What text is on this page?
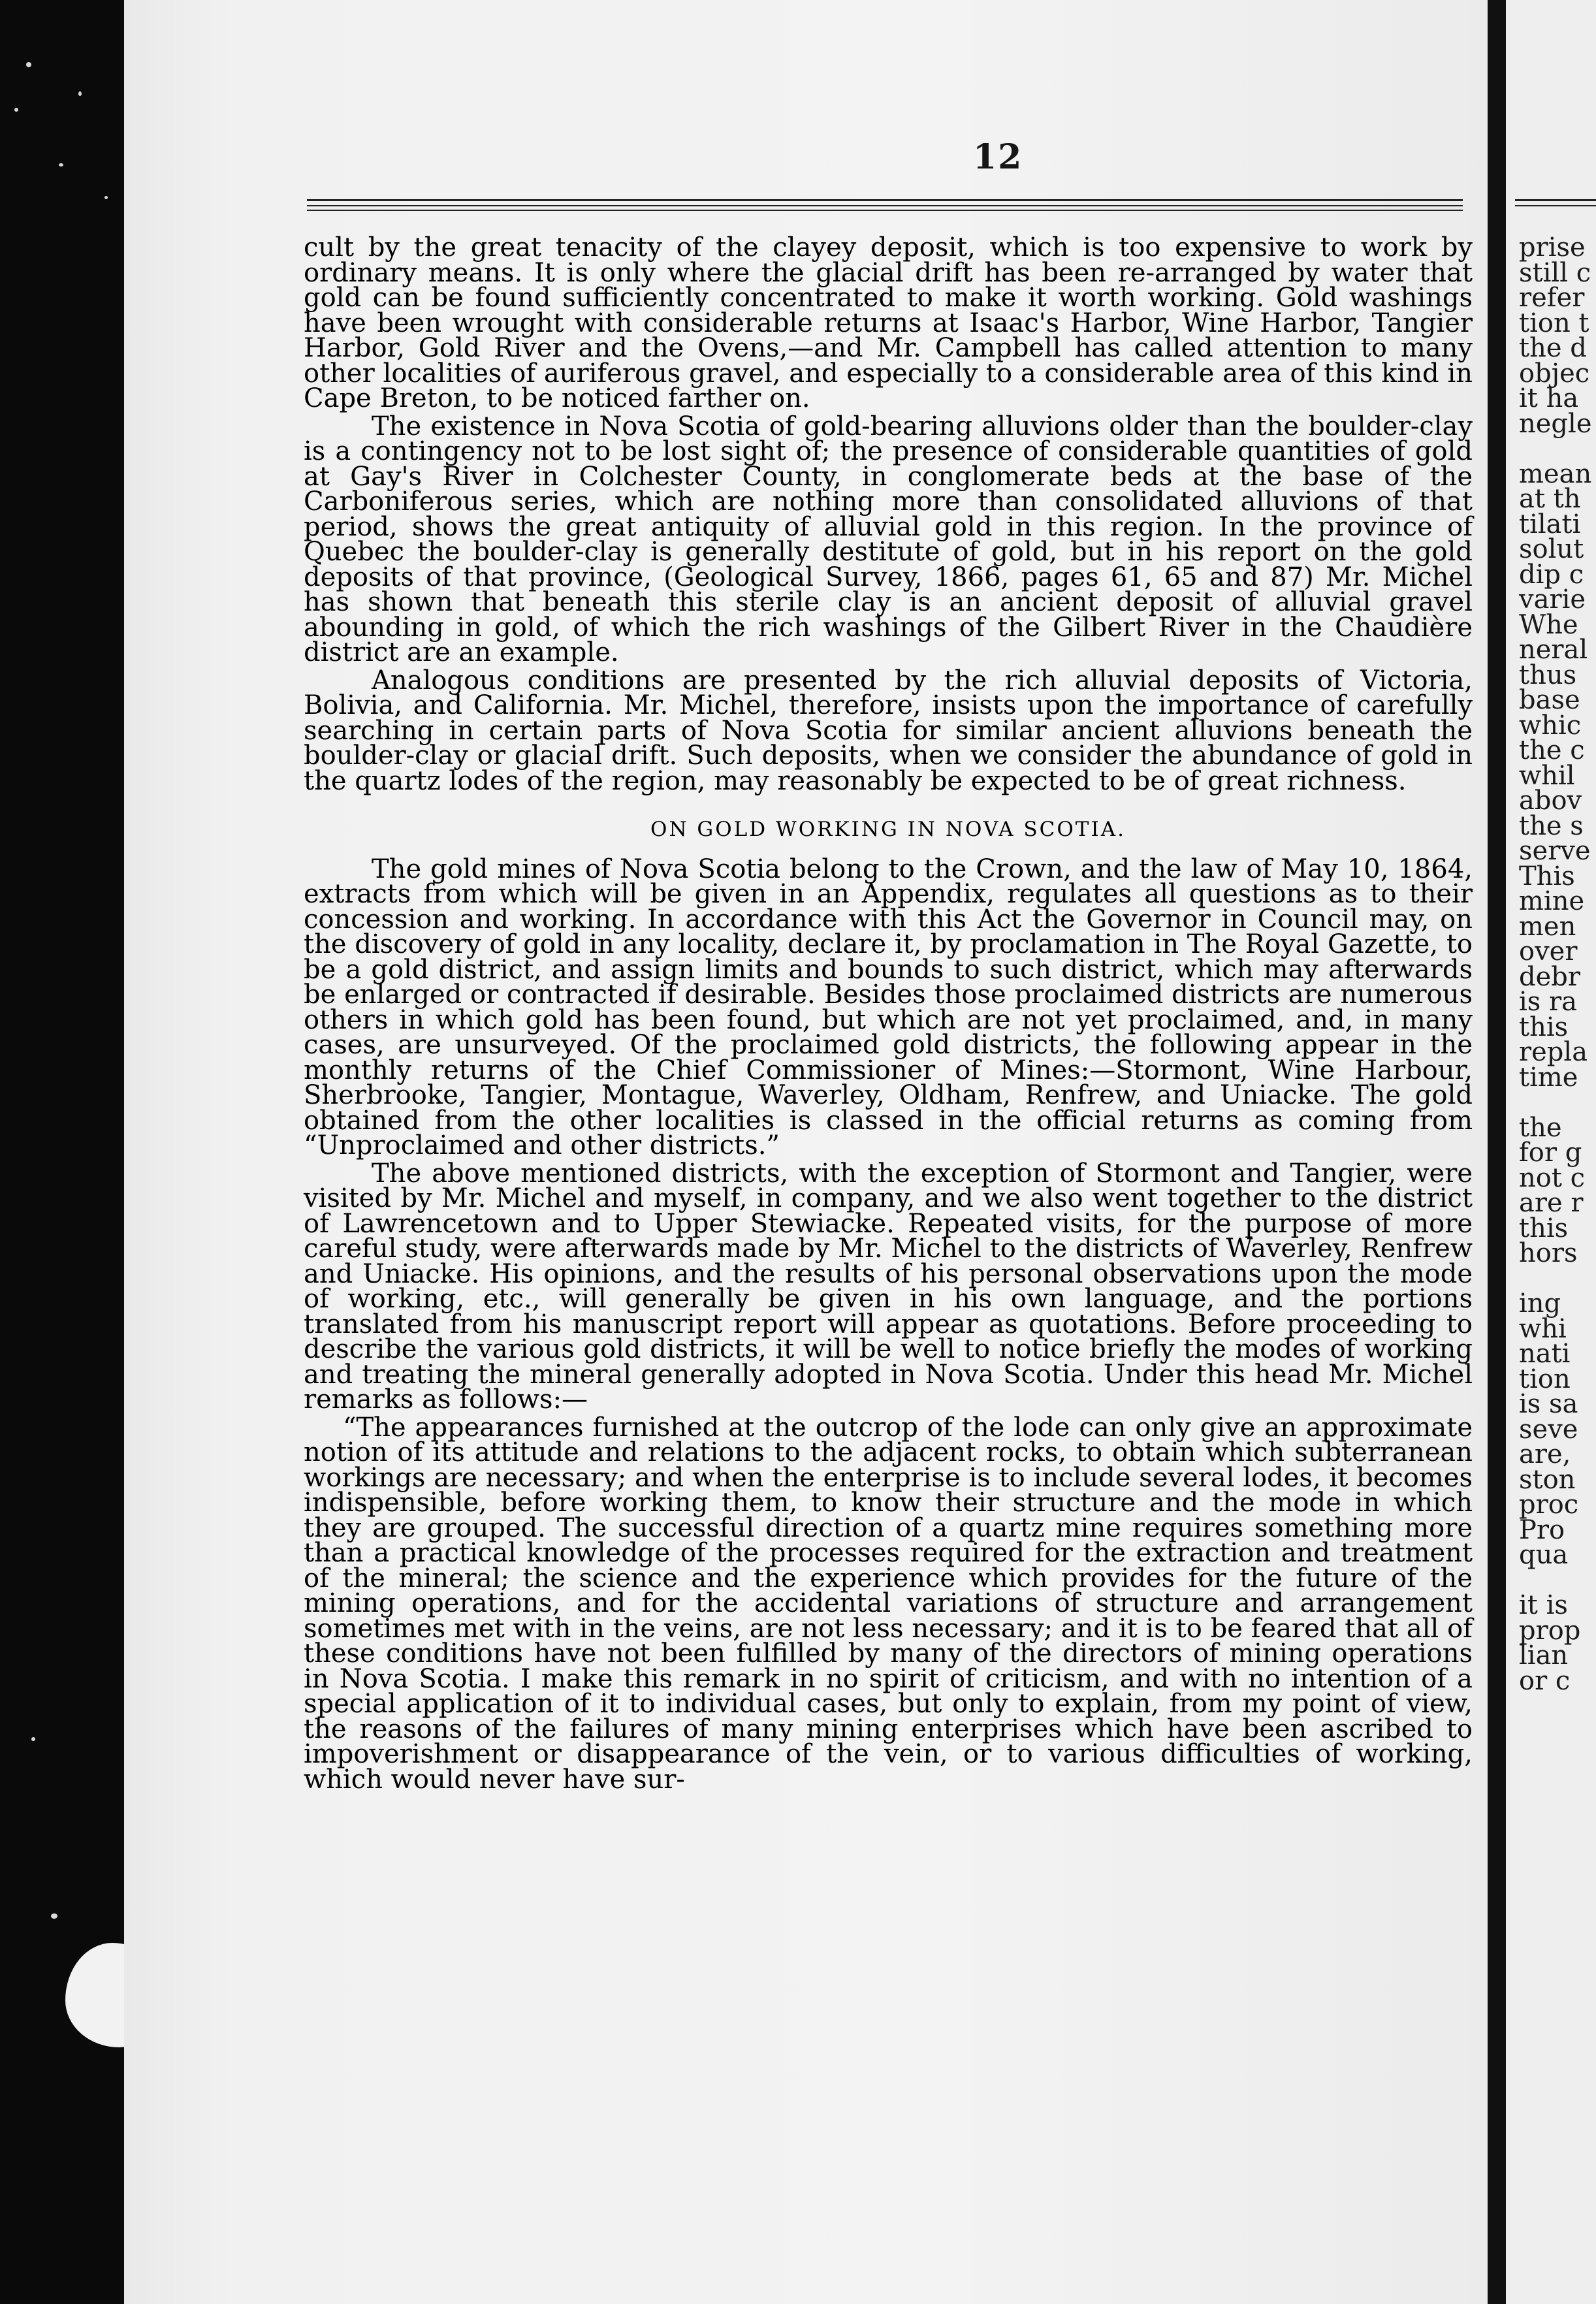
12

cult by the great tenacity of the clayey deposit, which is too expensive to work by ordinary means. It is only where the glacial drift has been re-arranged by water that gold can be found sufficiently concentrated to make it worth working. Gold washings have been wrought with considerable returns at Isaac's Harbor, Wine Harbor, Tangier Harbor, Gold River and the Ovens,—and Mr. Campbell has called attention to many other localities of auriferous gravel, and especially to a considerable area of this kind in Cape Breton, to be noticed farther on.

The existence in Nova Scotia of gold-bearing alluvions older than the boulder-clay is a contingency not to be lost sight of; the presence of considerable quantities of gold at Gay's River in Colchester County, in conglomerate beds at the base of the Carboniferous series, which are nothing more than consolidated alluvions of that period, shows the great antiquity of alluvial gold in this region. In the province of Quebec the boulder-clay is generally destitute of gold, but in his report on the gold deposits of that province, (Geological Survey, 1866, pages 61, 65 and 87) Mr. Michel has shown that beneath this sterile clay is an ancient deposit of alluvial gravel abounding in gold, of which the rich washings of the Gilbert River in the Chaudière district are an example.

Analogous conditions are presented by the rich alluvial deposits of Victoria, Bolivia, and California. Mr. Michel, therefore, insists upon the importance of carefully searching in certain parts of Nova Scotia for similar ancient alluvions beneath the boulder-clay or glacial drift. Such deposits, when we consider the abundance of gold in the quartz lodes of the region, may reasonably be expected to be of great richness.

ON GOLD WORKING IN NOVA SCOTIA.

The gold mines of Nova Scotia belong to the Crown, and the law of May 10, 1864, extracts from which will be given in an Appendix, regulates all questions as to their concession and working. In accordance with this Act the Governor in Council may, on the discovery of gold in any locality, declare it, by proclamation in The Royal Gazette, to be a gold district, and assign limits and bounds to such district, which may afterwards be enlarged or contracted if desirable. Besides those proclaimed districts are numerous others in which gold has been found, but which are not yet proclaimed, and, in many cases, are unsurveyed. Of the proclaimed gold districts, the following appear in the monthly returns of the Chief Commissioner of Mines:—Stormont, Wine Harbour, Sherbrooke, Tangier, Montague, Waverley, Oldham, Renfrew, and Uniacke. The gold obtained from the other localities is classed in the official returns as coming from “Unproclaimed and other districts.”

The above mentioned districts, with the exception of Stormont and Tangier, were visited by Mr. Michel and myself, in company, and we also went together to the district of Lawrencetown and to Upper Stewiacke. Repeated visits, for the purpose of more careful study, were afterwards made by Mr. Michel to the districts of Waverley, Renfrew and Uniacke. His opinions, and the results of his personal observations upon the mode of working, etc., will generally be given in his own language, and the portions translated from his manuscript report will appear as quotations. Before proceeding to describe the various gold districts, it will be well to notice briefly the modes of working and treating the mineral generally adopted in Nova Scotia. Under this head Mr. Michel remarks as follows:—

“The appearances furnished at the outcrop of the lode can only give an approximate notion of its attitude and relations to the adjacent rocks, to obtain which subterranean workings are necessary; and when the enterprise is to include several lodes, it becomes indispensible, before working them, to know their structure and the mode in which they are grouped. The successful direction of a quartz mine requires something more than a practical knowledge of the processes required for the extraction and treatment of the mineral; the science and the experience which provides for the future of the mining operations, and for the accidental variations of structure and arrangement sometimes met with in the veins, are not less necessary; and it is to be feared that all of these conditions have not been fulfilled by many of the directors of mining operations in Nova Scotia. I make this remark in no spirit of criticism, and with no intention of a special application of it to individual cases, but only to explain, from my point of view, the reasons of the failures of many mining enterprises which have been ascribed to impoverishment or disappearance of the vein, or to various difficulties of working, which would never have sur-

prise
still c
refer
tion t
the d
objec
it ha
negle
mean
at th
tilati
solut
dip c
varie
Whe
neral
thus
base
whic
the c
whil
abov
the s
serve
This
mine
men
over
debr
is ra
this
repla
time
the
for g
not c
are r
this
hors
ing
whi
nati
tion
is sa
seve
are,
ston
proc
Pro
qua
it is
prop
lian
or c
